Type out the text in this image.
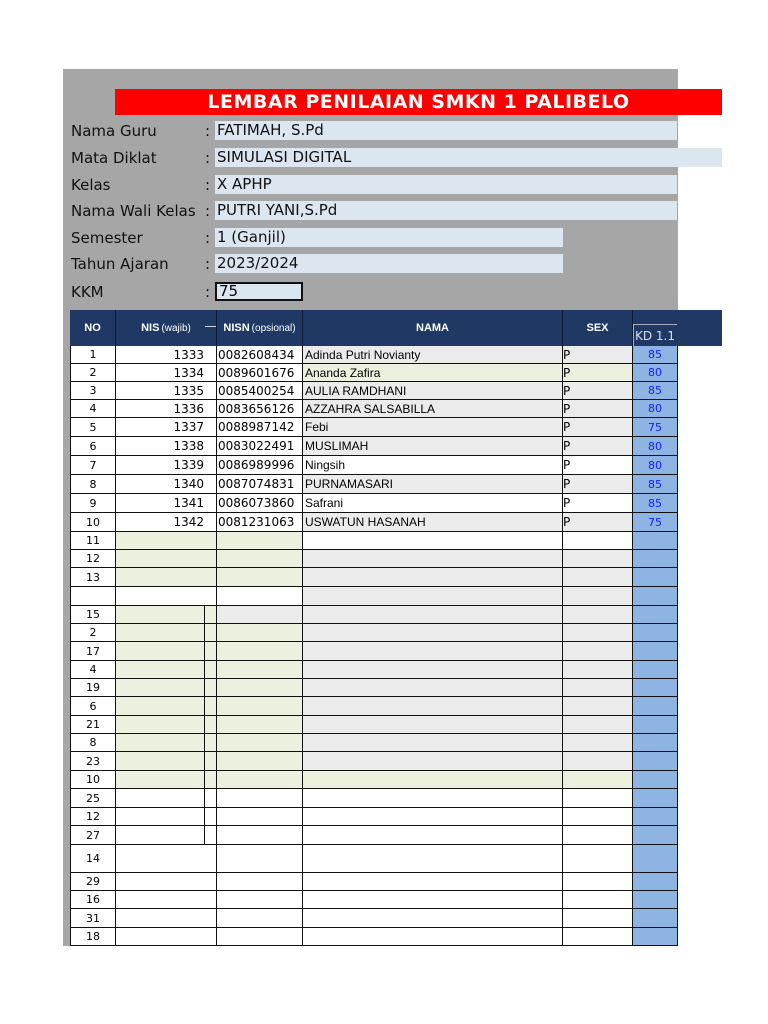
LEMBAR PENILAIAN SMKN 1 PALIBELO
Nama Guru	: FATIMAH, S.Pd
Mata Diklat	: SIMULASI DIGITAL
Kelas	: X APHP
Nama Wali Kelas : PUTRI YANI,S.Pd
Semester	: 1 (Ganjil)
Tahun Ajaran : 2023/2024
KKM	: 75
NO	NIS (wajib)	NISN (opsional)	NAMA	SEX
KD 1.1
1	1333	0082608434 Adinda Putri Novianty	P	85
2	1334	0089601676 Ananda Zafira	P	80
3	1335	0085400254 AULIA RAMDHANI	P	85
4	1336	0083656126 AZZAHRA SALSABILLA	P	80
5	1337	0088987142 Febi	P	75
6	1338	0083022491 MUSLIMAH	P	80
7	1339	0086989996 Ningsih	P	80
8	1340	0087074831 PURNAMASARI	P	85
9	1341	0086073860 Safrani	P	85
10	1342	0081231063 USWATUN HASANAH	P	75
11
12
13
15
2
17
4
19
6
21
8
23
10
25
12
27
14
29
16
31
18
